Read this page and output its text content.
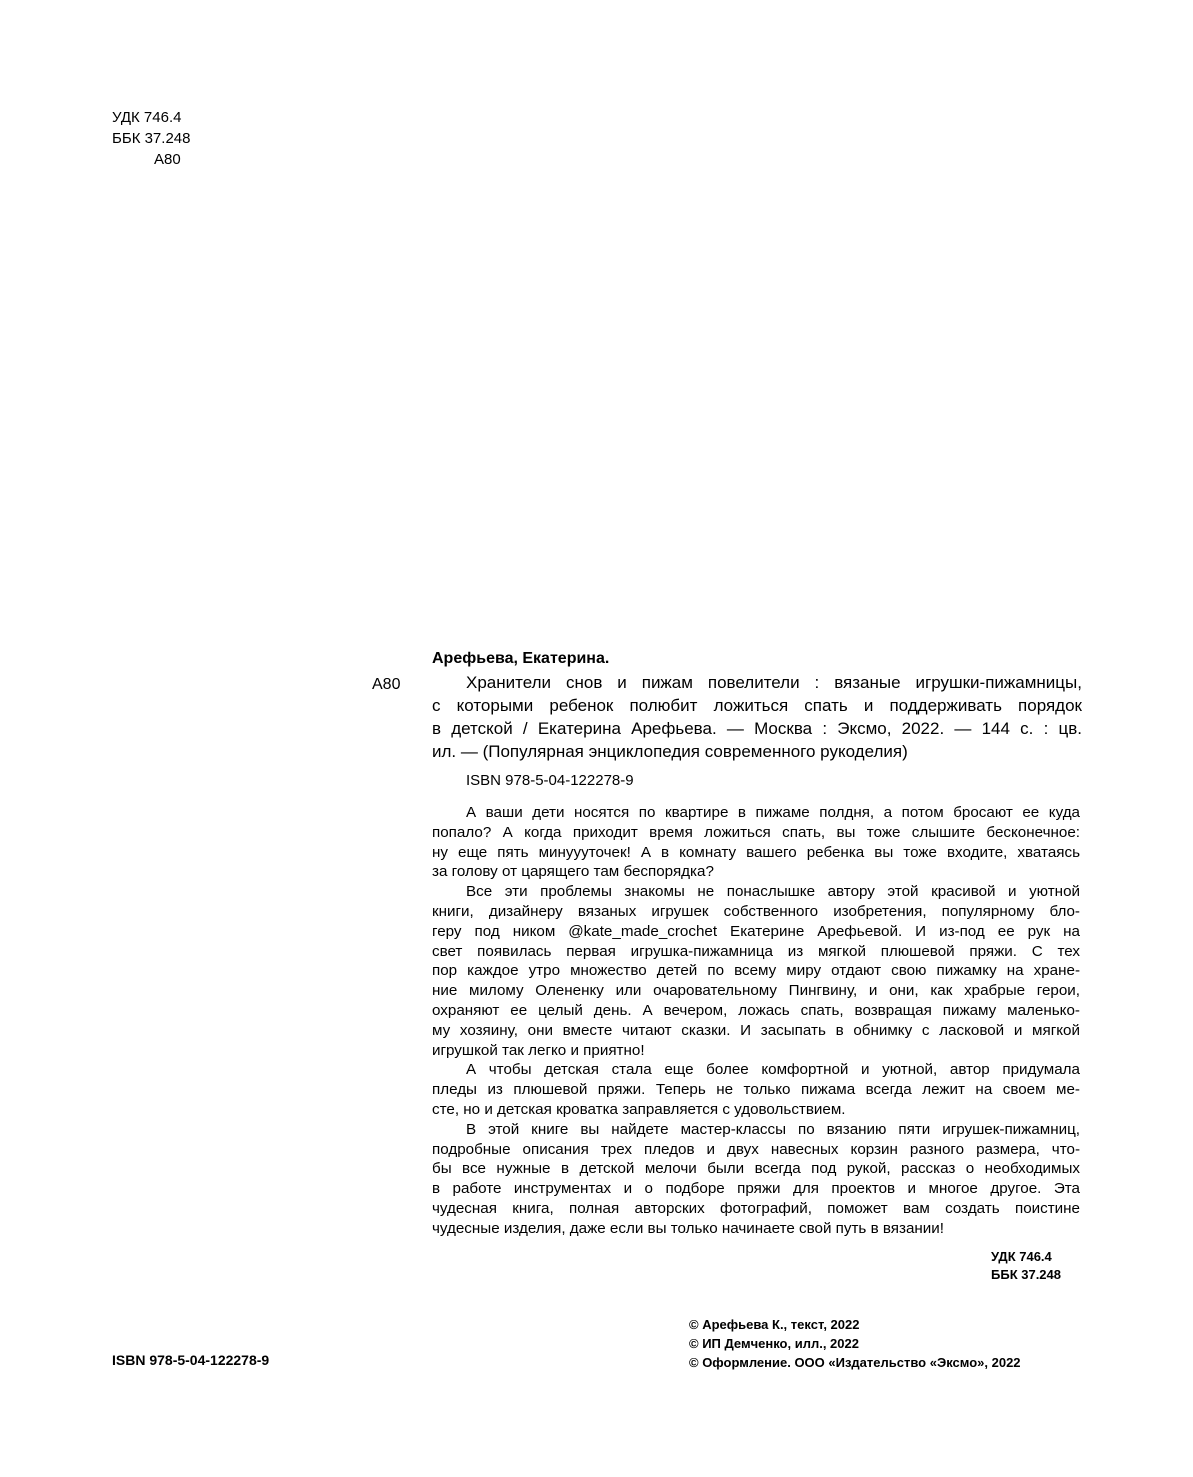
УДК 746.4
ББК 37.248
А80
Арефьева, Екатерина.
А80	Хранители снов и пижам повелители : вязаные игрушки-пижамницы,
с которыми ребенок полюбит ложиться спать и поддерживать порядок
в детской / Екатерина Арефьева. — Москва : Эксмо, 2022. — 144 с. : цв.
ил. — (Популярная энциклопедия современного рукоделия)
ISBN 978-5-04-122278-9
А ваши дети носятся по квартире в пижаме полдня, а потом бросают ее куда
попало? А когда приходит время ложиться спать, вы тоже слышите бесконечное:
ну еще пять минуууточек! А в комнату вашего ребенка вы тоже входите, хватаясь
за голову от царящего там беспорядка?
Все эти проблемы знакомы не понаслышке автору этой красивой и уютной
книги, дизайнеру вязаных игрушек собственного изобретения, популярному бло-
геру под ником @kate_made_crochet Екатерине Арефьевой. И из-под ее рук на
свет появилась первая игрушка-пижамница из мягкой плюшевой пряжи. С тех
пор каждое утро множество детей по всему миру отдают свою пижамку на хране-
ние милому Олененку или очаровательному Пингвину, и они, как храбрые герои,
охраняют ее целый день. А вечером, ложась спать, возвращая пижаму маленько-
му хозяину, они вместе читают сказки. И засыпать в обнимку с ласковой и мягкой
игрушкой так легко и приятно!
А чтобы детская стала еще более комфортной и уютной, автор придумала
пледы из плюшевой пряжи. Теперь не только пижама всегда лежит на своем ме-
сте, но и детская кроватка заправляется с удовольствием.
В этой книге вы найдете мастер-классы по вязанию пяти игрушек-пижамниц,
подробные описания трех пледов и двух навесных корзин разного размера, что-
бы все нужные в детской мелочи были всегда под рукой, рассказ о необходимых
в работе инструментах и о подборе пряжи для проектов и многое другое. Эта
чудесная книга, полная авторских фотографий, поможет вам создать поистине
чудесные изделия, даже если вы только начинаете свой путь в вязании!
УДК 746.4
ББК 37.248
ISBN 978-5-04-122278-9
© Арефьева К., текст, 2022
© ИП Демченко, илл., 2022
© Оформление. ООО «Издательство «Эксмо», 2022
